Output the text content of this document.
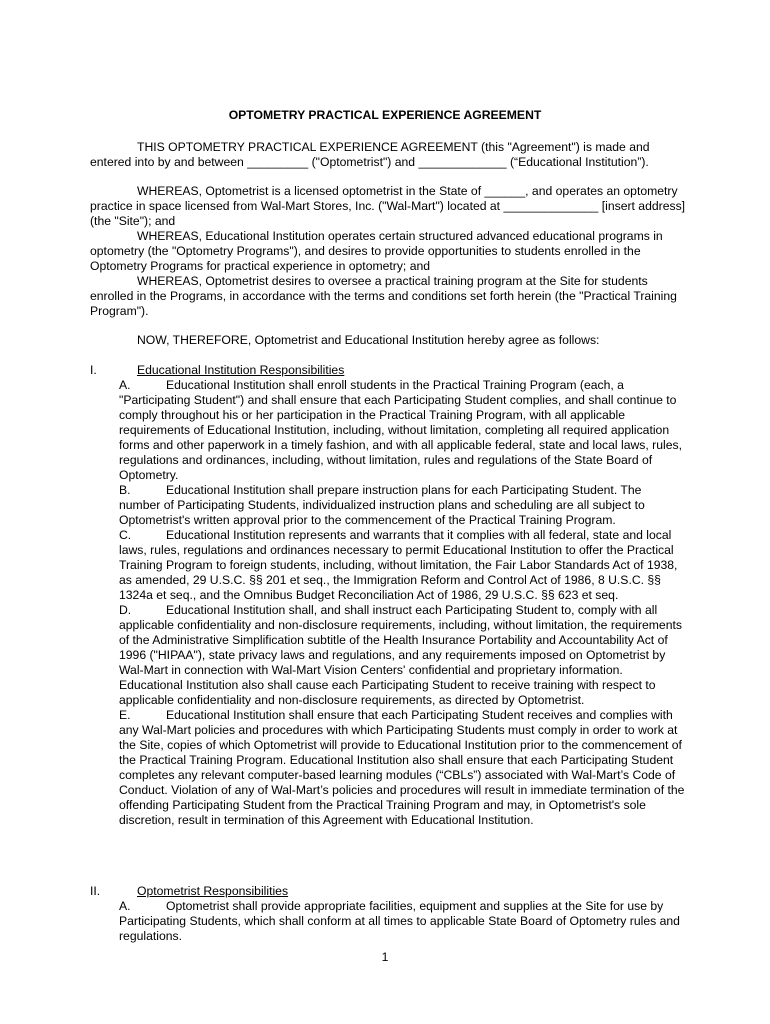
OPTOMETRY PRACTICAL EXPERIENCE AGREEMENT

THIS OPTOMETRY PRACTICAL EXPERIENCE AGREEMENT (this "Agreement") is made and entered into by and between _________ ("Optometrist") and _____________ (“Educational Institution”).

WHEREAS, Optometrist is a licensed optometrist in the State of ______, and operates an optometry practice in space licensed from Wal-Mart Stores, Inc. ("Wal-Mart") located at ______________ [insert address] (the "Site"); and

WHEREAS, Educational Institution operates certain structured advanced educational programs in optometry (the "Optometry Programs"), and desires to provide opportunities to students enrolled in the Optometry Programs for practical experience in optometry; and

WHEREAS, Optometrist desires to oversee a practical training program at the Site for students enrolled in the Programs, in accordance with the terms and conditions set forth herein (the "Practical Training Program").

NOW, THEREFORE, Optometrist and Educational Institution hereby agree as follows:

I.	Educational Institution Responsibilities

A.	Educational Institution shall enroll students in the Practical Training Program (each, a "Participating Student") and shall ensure that each Participating Student complies, and shall continue to comply throughout his or her participation in the Practical Training Program, with all applicable requirements of Educational Institution, including, without limitation, completing all required application forms and other paperwork in a timely fashion, and with all applicable federal, state and local laws, rules, regulations and ordinances, including, without limitation, rules and regulations of the State Board of Optometry.

B.	Educational Institution shall prepare instruction plans for each Participating Student. The number of Participating Students, individualized instruction plans and scheduling are all subject to Optometrist's written approval prior to the commencement of the Practical Training Program.

C.	Educational Institution represents and warrants that it complies with all federal, state and local laws, rules, regulations and ordinances necessary to permit Educational Institution to offer the Practical Training Program to foreign students, including, without limitation, the Fair Labor Standards Act of 1938, as amended, 29 U.S.C. §§ 201 et seq., the Immigration Reform and Control Act of 1986, 8 U.S.C. §§ 1324a et seq., and the Omnibus Budget Reconciliation Act of 1986, 29 U.S.C. §§ 623 et seq.

D.	Educational Institution shall, and shall instruct each Participating Student to, comply with all applicable confidentiality and non-disclosure requirements, including, without limitation, the requirements of the Administrative Simplification subtitle of the Health Insurance Portability and Accountability Act of 1996 ("HIPAA"), state privacy laws and regulations, and any requirements imposed on Optometrist by Wal-Mart in connection with Wal-Mart Vision Centers' confidential and proprietary information. Educational Institution also shall cause each Participating Student to receive training with respect to applicable confidentiality and non-disclosure requirements, as directed by Optometrist.

E.	Educational Institution shall ensure that each Participating Student receives and complies with any Wal-Mart policies and procedures with which Participating Students must comply in order to work at the Site, copies of which Optometrist will provide to Educational Institution prior to the commencement of the Practical Training Program. Educational Institution also shall ensure that each Participating Student completes any relevant computer-based learning modules (“CBLs”) associated with Wal-Mart’s Code of Conduct. Violation of any of Wal-Mart’s policies and procedures will result in immediate termination of the offending Participating Student from the Practical Training Program and may, in Optometrist's sole discretion, result in termination of this Agreement with Educational Institution.

II.	Optometrist Responsibilities

A.	Optometrist shall provide appropriate facilities, equipment and supplies at the Site for use by Participating Students, which shall conform at all times to applicable State Board of Optometry rules and regulations.

1
